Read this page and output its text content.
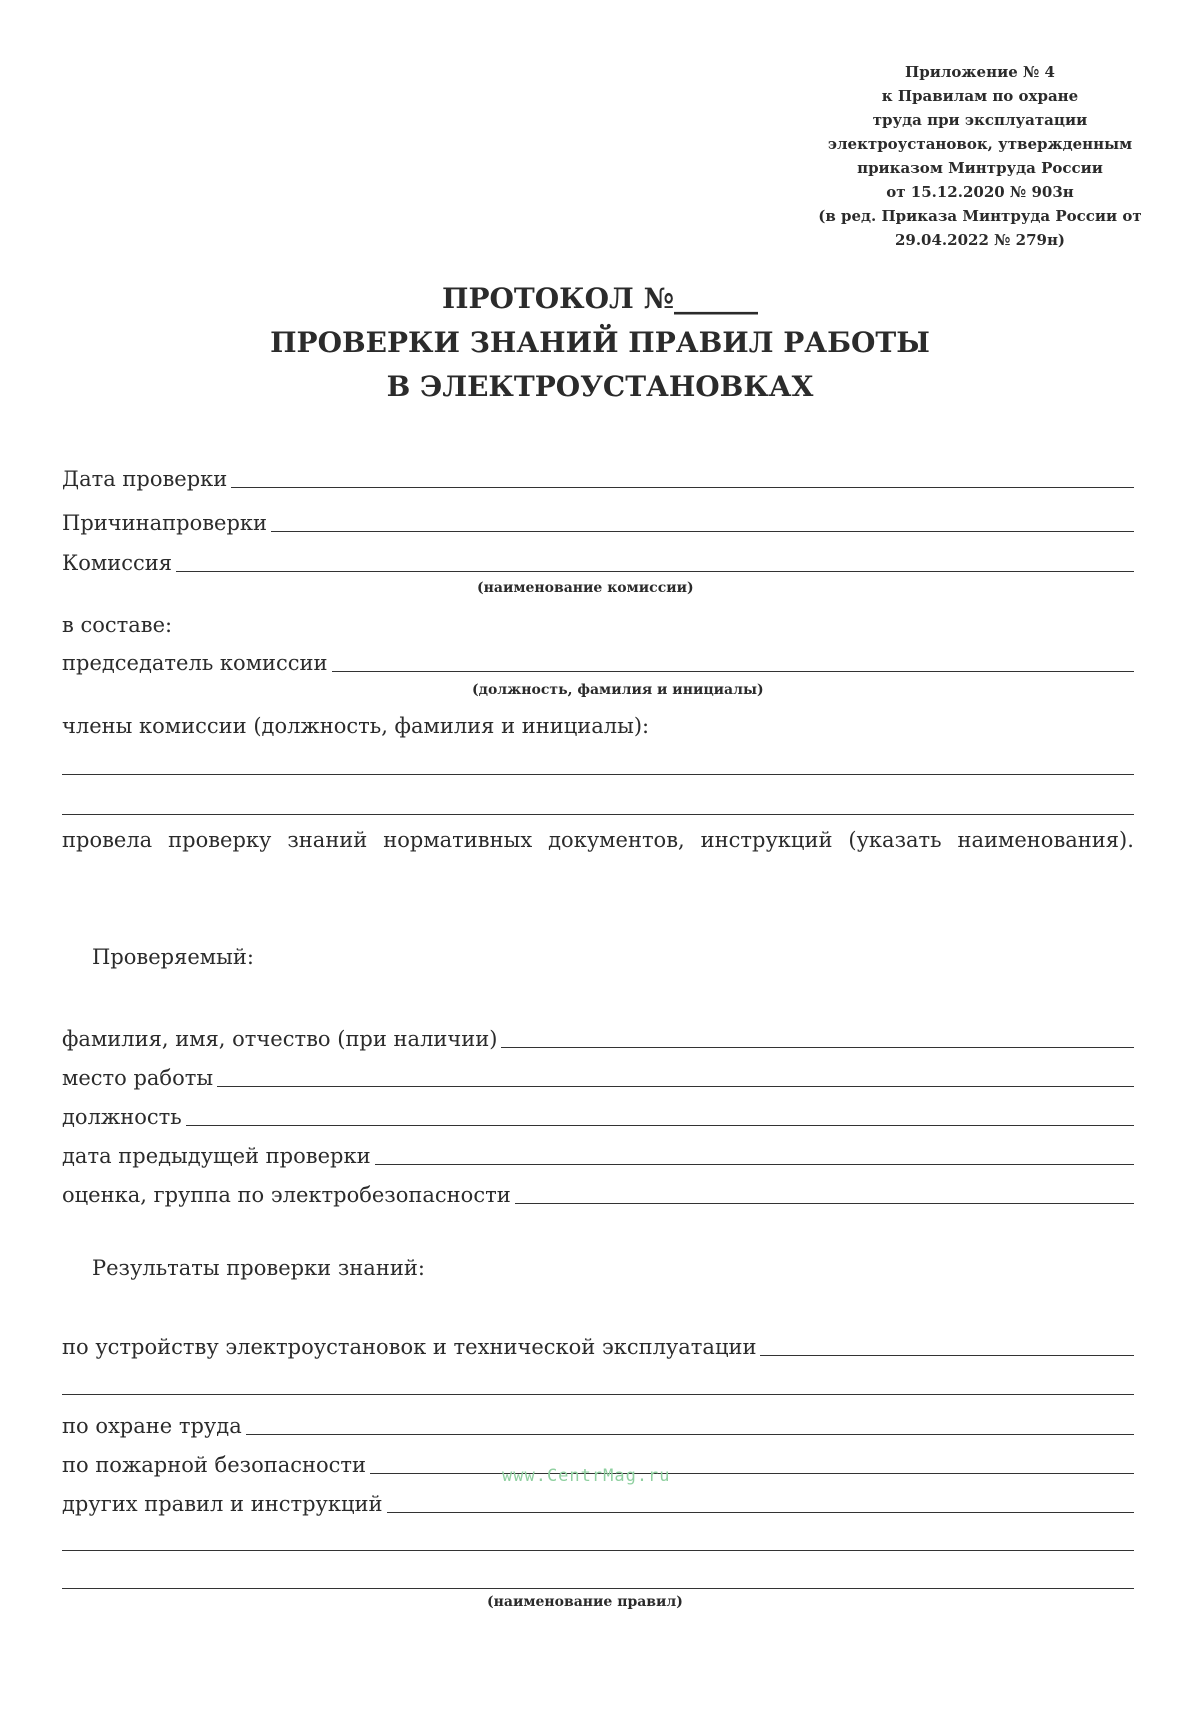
Приложение № 4
к Правилам по охране
труда при эксплуатации
электроустановок, утвержденным
приказом Минтруда России
от 15.12.2020 № 903н
(в ред. Приказа Минтруда России от
29.04.2022 № 279н)
ПРОТОКОЛ №______
ПРОВЕРКИ ЗНАНИЙ ПРАВИЛ РАБОТЫ
В ЭЛЕКТРОУСТАНОВКАХ
Дата проверки
Причинапроверки
Комиссия
(наименование комиссии)
в составе:
председатель комиссии
(должность, фамилия и инициалы)
члены комиссии (должность, фамилия и инициалы):
провела проверку знаний нормативных документов, инструкций (указать наименования).
Проверяемый:
фамилия, имя, отчество (при наличии)
место работы
должность
дата предыдущей проверки
оценка, группа по электробезопасности
Результаты проверки знаний:
по устройству электроустановок и технической эксплуатации
по охране труда
по пожарной безопасности
других правил и инструкций
(наименование правил)
www.CentrMag.ru
